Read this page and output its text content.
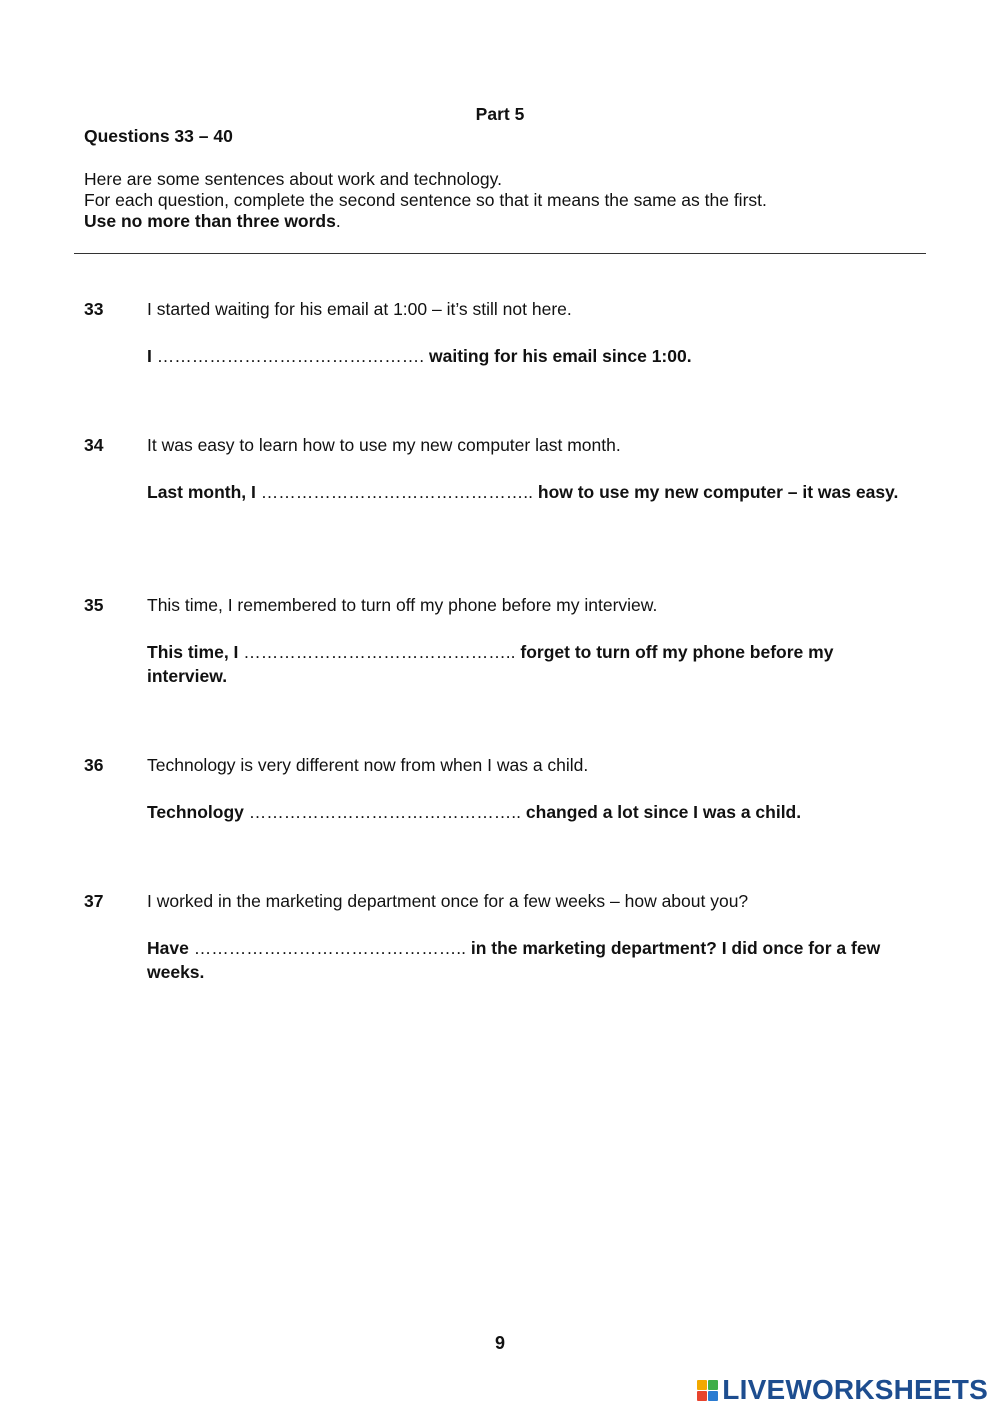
Part 5
Questions 33 – 40
Here are some sentences about work and technology.
For each question, complete the second sentence so that it means the same as the first.
Use no more than three words.
33 I started waiting for his email at 1:00 – it’s still not here.
I ………………………………………. waiting for his email since 1:00.
34 It was easy to learn how to use my new computer last month.
Last month, I ……………………………………….. how to use my new computer – it was easy.
35 This time, I remembered to turn off my phone before my interview.
This time, I ……………………………………….. forget to turn off my phone before my interview.
36 Technology is very different now from when I was a child.
Technology ……………………………………….. changed a lot since I was a child.
37 I worked in the marketing department once for a few weeks – how about you?
Have ……………………………………….. in the marketing department? I did once for a few weeks.
9
LIVEWORKSHEETS
